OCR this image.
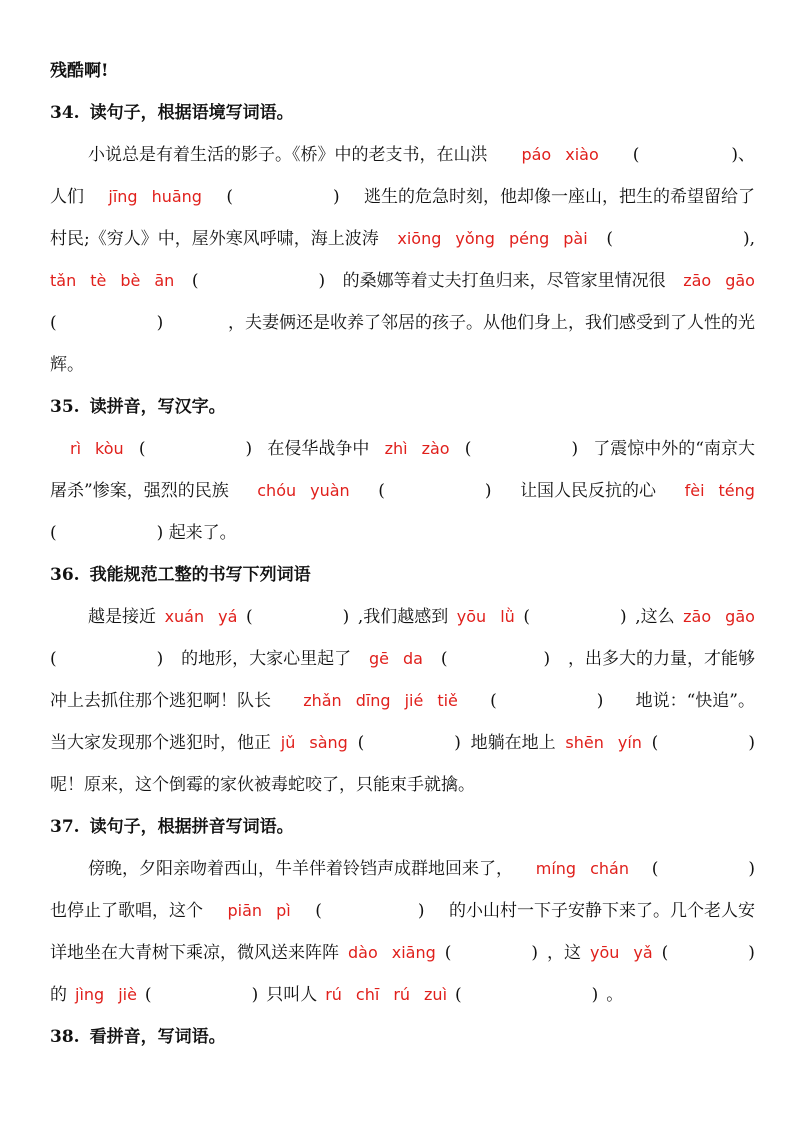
残酷啊!
34. 读句子，根据语境写词语。
小说总是有着生活的影子。《桥》中的老支书，在山洪 páo xiào (	)、
人们 jīng huāng (	) 逃生的危急时刻，他却像一座山，把生的希望留给了
村民;《穷人》中，屋外寒风呼啸，海上波涛 xiōng yǒng péng pài (	),
tǎn tè bè ān (	) 的桑娜等着丈夫打鱼归来，尽管家里情况很 zāo gāo
(	)	，夫妻俩还是收养了邻居的孩子。从他们身上，我们感受到了人性的光
辉。
35. 读拼音，写汉字。
rì kòu (	) 在侵华战争中 zhì zào (	) 了震惊中外的“南京大
屠杀”惨案，强烈的民族 chóu yuàn (	) 让国人民反抗的心 fèi téng
(	) 起来了。
36. 我能规范工整的书写下列词语
越是接近 xuán yá (	) ,我们越感到 yōu lǜ (	) ,这么 zāo gāo
(	) 的地形，大家心里起了 gē da (	) ，出多大的力量，才能够
冲上去抓住那个逃犯啊！队长 zhǎn dīng jié tiě (	) 地说：“快追”。
当大家发现那个逃犯时，他正 jǔ sàng (	) 地躺在地上 shēn yín (	)
呢！原来，这个倒霉的家伙被毒蛇咬了，只能束手就擒。
37. 读句子，根据拼音写词语。
傍晚，夕阳亲吻着西山，牛羊伴着铃铛声成群地回来了， míng chán (	)
也停止了歌唱，这个 piān pì (	) 的小山村一下子安静下来了。几个老人安
详地坐在大青树下乘凉，微风送来阵阵 dào xiāng (	) ，这 yōu yǎ (	)
的 jìng jiè (	) 只叫人 rú chī rú zuì (	) 。
38. 看拼音，写词语。
